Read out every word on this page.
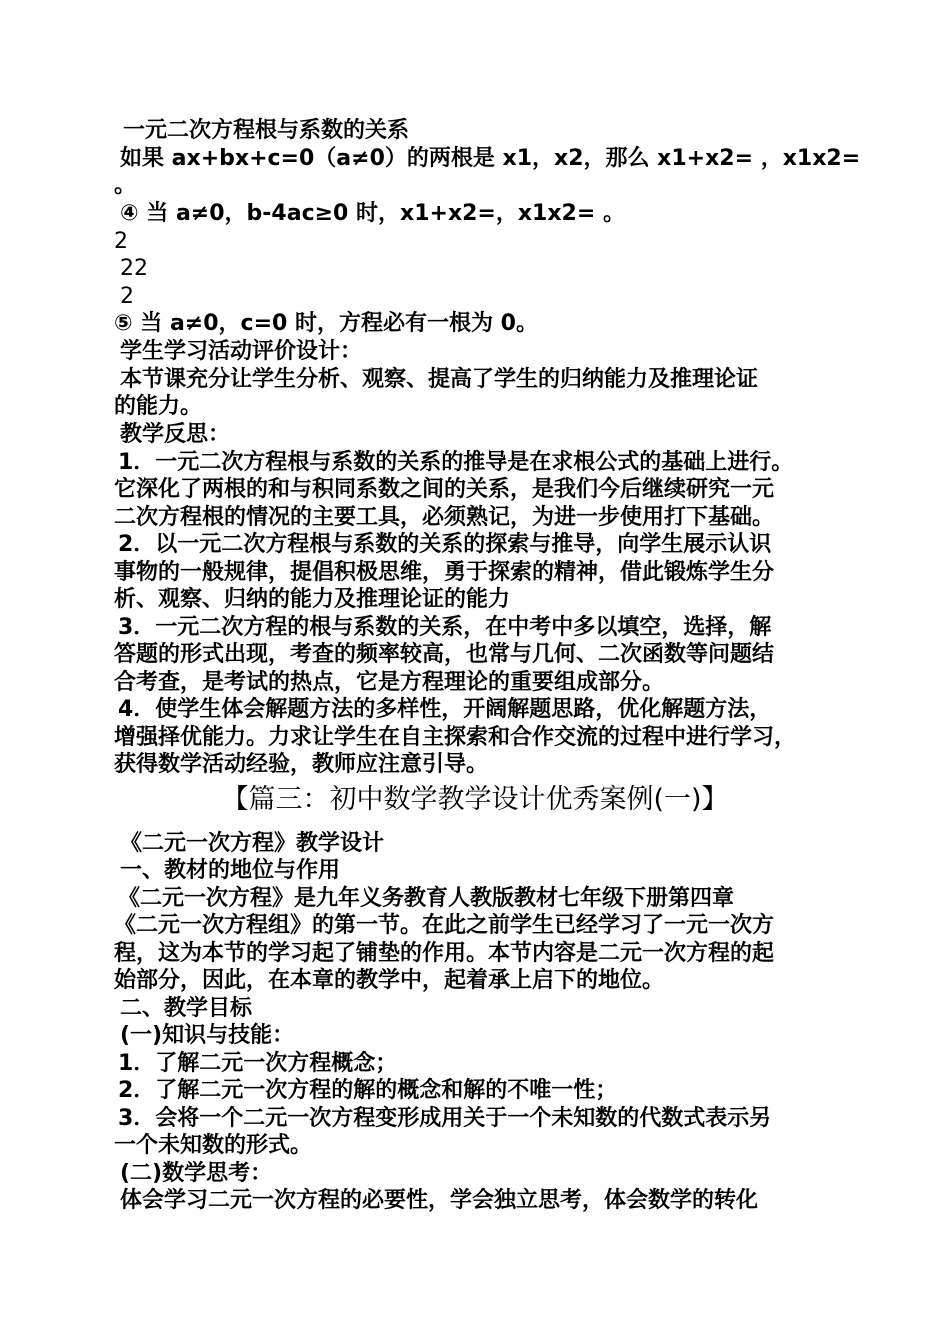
一元二次方程根与系数的关系
如果 ax+bx+c=0（a≠0）的两根是 x1，x2，那么 x1+x2= ，x1x2=
。
④ 当 a≠0，b-4ac≥0 时，x1+x2=，x1x2= 。
2
22
2
⑤ 当 a≠0，c=0 时，方程必有一根为 0。
学生学习活动评价设计：
本节课充分让学生分析、观察、提高了学生的归纳能力及推理论证
的能力。
教学反思：
1．一元二次方程根与系数的关系的推导是在求根公式的基础上进行。
它深化了两根的和与积同系数之间的关系，是我们今后继续研究一元
二次方程根的情况的主要工具，必须熟记，为进一步使用打下基础。
2．以一元二次方程根与系数的关系的探索与推导，向学生展示认识
事物的一般规律，提倡积极思维，勇于探索的精神，借此锻炼学生分
析、观察、归纳的能力及推理论证的能力
3．一元二次方程的根与系数的关系，在中考中多以填空，选择，解
答题的形式出现，考查的频率较高，也常与几何、二次函数等问题结
合考查，是考试的热点，它是方程理论的重要组成部分。
4．使学生体会解题方法的多样性，开阔解题思路，优化解题方法，
增强择优能力。力求让学生在自主探索和合作交流的过程中进行学习，
获得数学活动经验，教师应注意引导。
【篇三：初中数学教学设计优秀案例(一)】
《二元一次方程》教学设计
一、教材的地位与作用
《二元一次方程》是九年义务教育人教版教材七年级下册第四章
《二元一次方程组》的第一节。在此之前学生已经学习了一元一次方
程，这为本节的学习起了铺垫的作用。本节内容是二元一次方程的起
始部分，因此，在本章的教学中，起着承上启下的地位。
二、教学目标
(一)知识与技能：
1．了解二元一次方程概念；
2．了解二元一次方程的解的概念和解的不唯一性；
3．会将一个二元一次方程变形成用关于一个未知数的代数式表示另
一个未知数的形式。
(二)数学思考：
体会学习二元一次方程的必要性，学会独立思考，体会数学的转化
